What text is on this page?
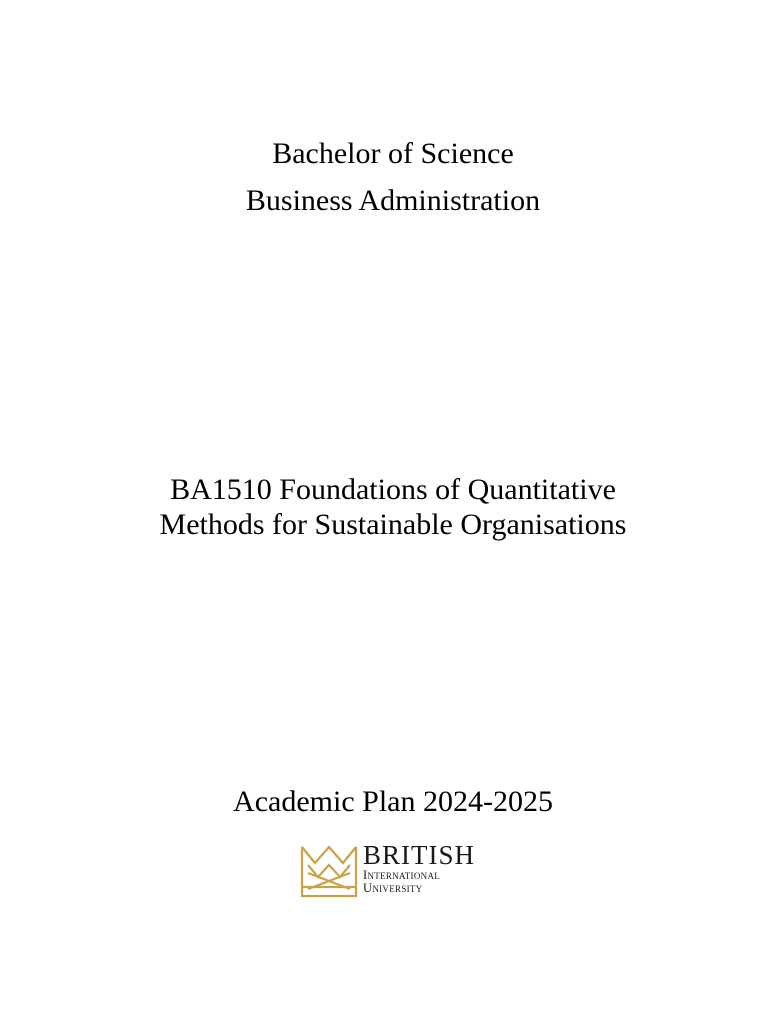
Bachelor of Science
Business Administration
BA1510 Foundations of Quantitative
Methods for Sustainable Organisations
Academic Plan 2024-2025
BRITISH
International
University
